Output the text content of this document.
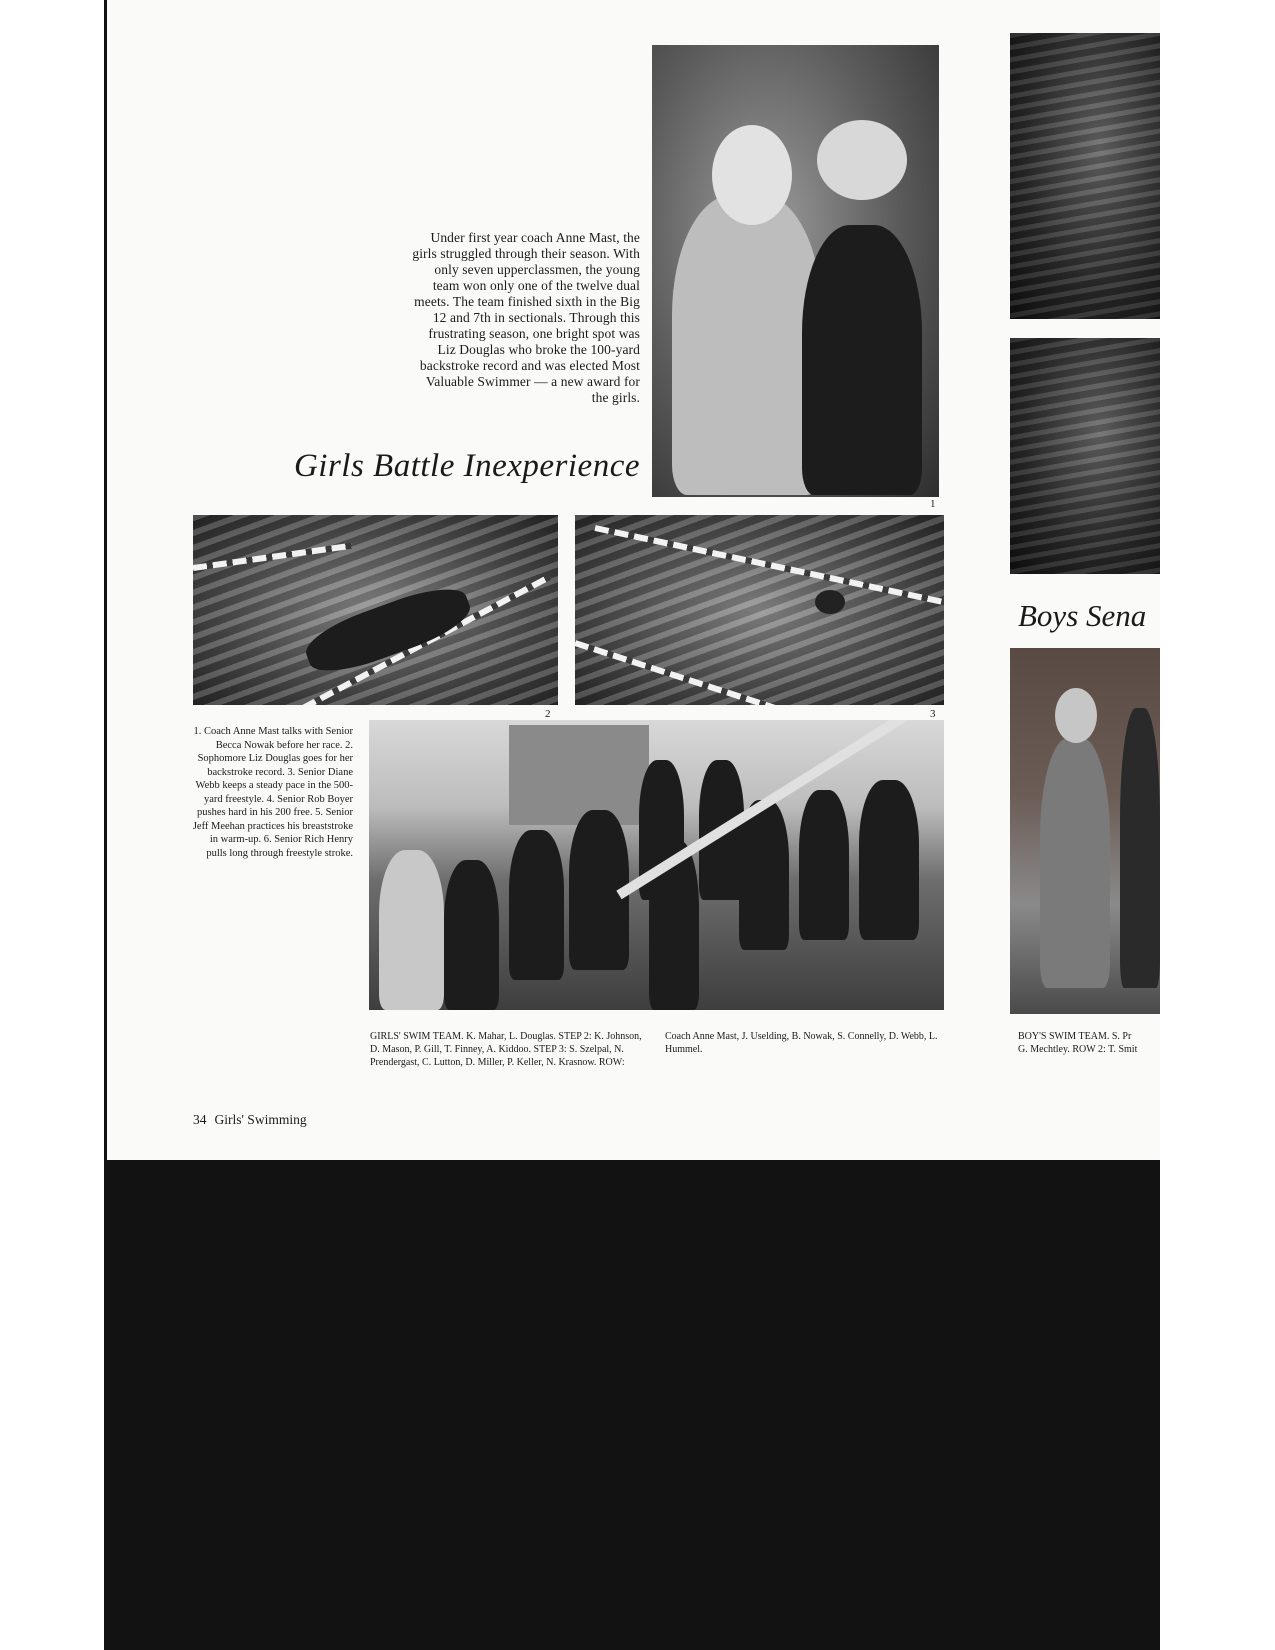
1
Under first year coach Anne Mast, the girls struggled through their season. With only seven upperclassmen, the young team won only one of the twelve dual meets. The team finished sixth in the Big 12 and 7th in sectionals. Through this frustrating season, one bright spot was Liz Douglas who broke the 100-yard backstroke record and was elected Most Valuable Swimmer — a new award for the girls.
Girls Battle Inexperience
Boys Sena
2	3
1. Coach Anne Mast talks with Senior Becca Nowak before her race. 2. Sophomore Liz Douglas goes for her backstroke record. 3. Senior Diane Webb keeps a steady pace in the 500-yard freestyle. 4. Senior Rob Boyer pushes hard in his 200 free. 5. Senior Jeff Meehan practices his breaststroke in warm-up. 6. Senior Rich Henry pulls long through freestyle stroke.
GIRLS' SWIM TEAM. K. Mahar, L. Douglas. STEP 2: K. Johnson, D. Mason, P. Gill, T. Finney, A. Kiddoo. STEP 3: S. Szelpal, N. Prendergast, C. Lutton, D. Miller, P. Keller, N. Krasnow. ROW: Coach Anne Mast, J. Uselding, B. Nowak, S. Connelly, D. Webb, L. Hummel.
BOY'S SWIM TEAM. S. Pr
G. Mechtley. ROW 2: T. Smit
34 Girls' Swimming
